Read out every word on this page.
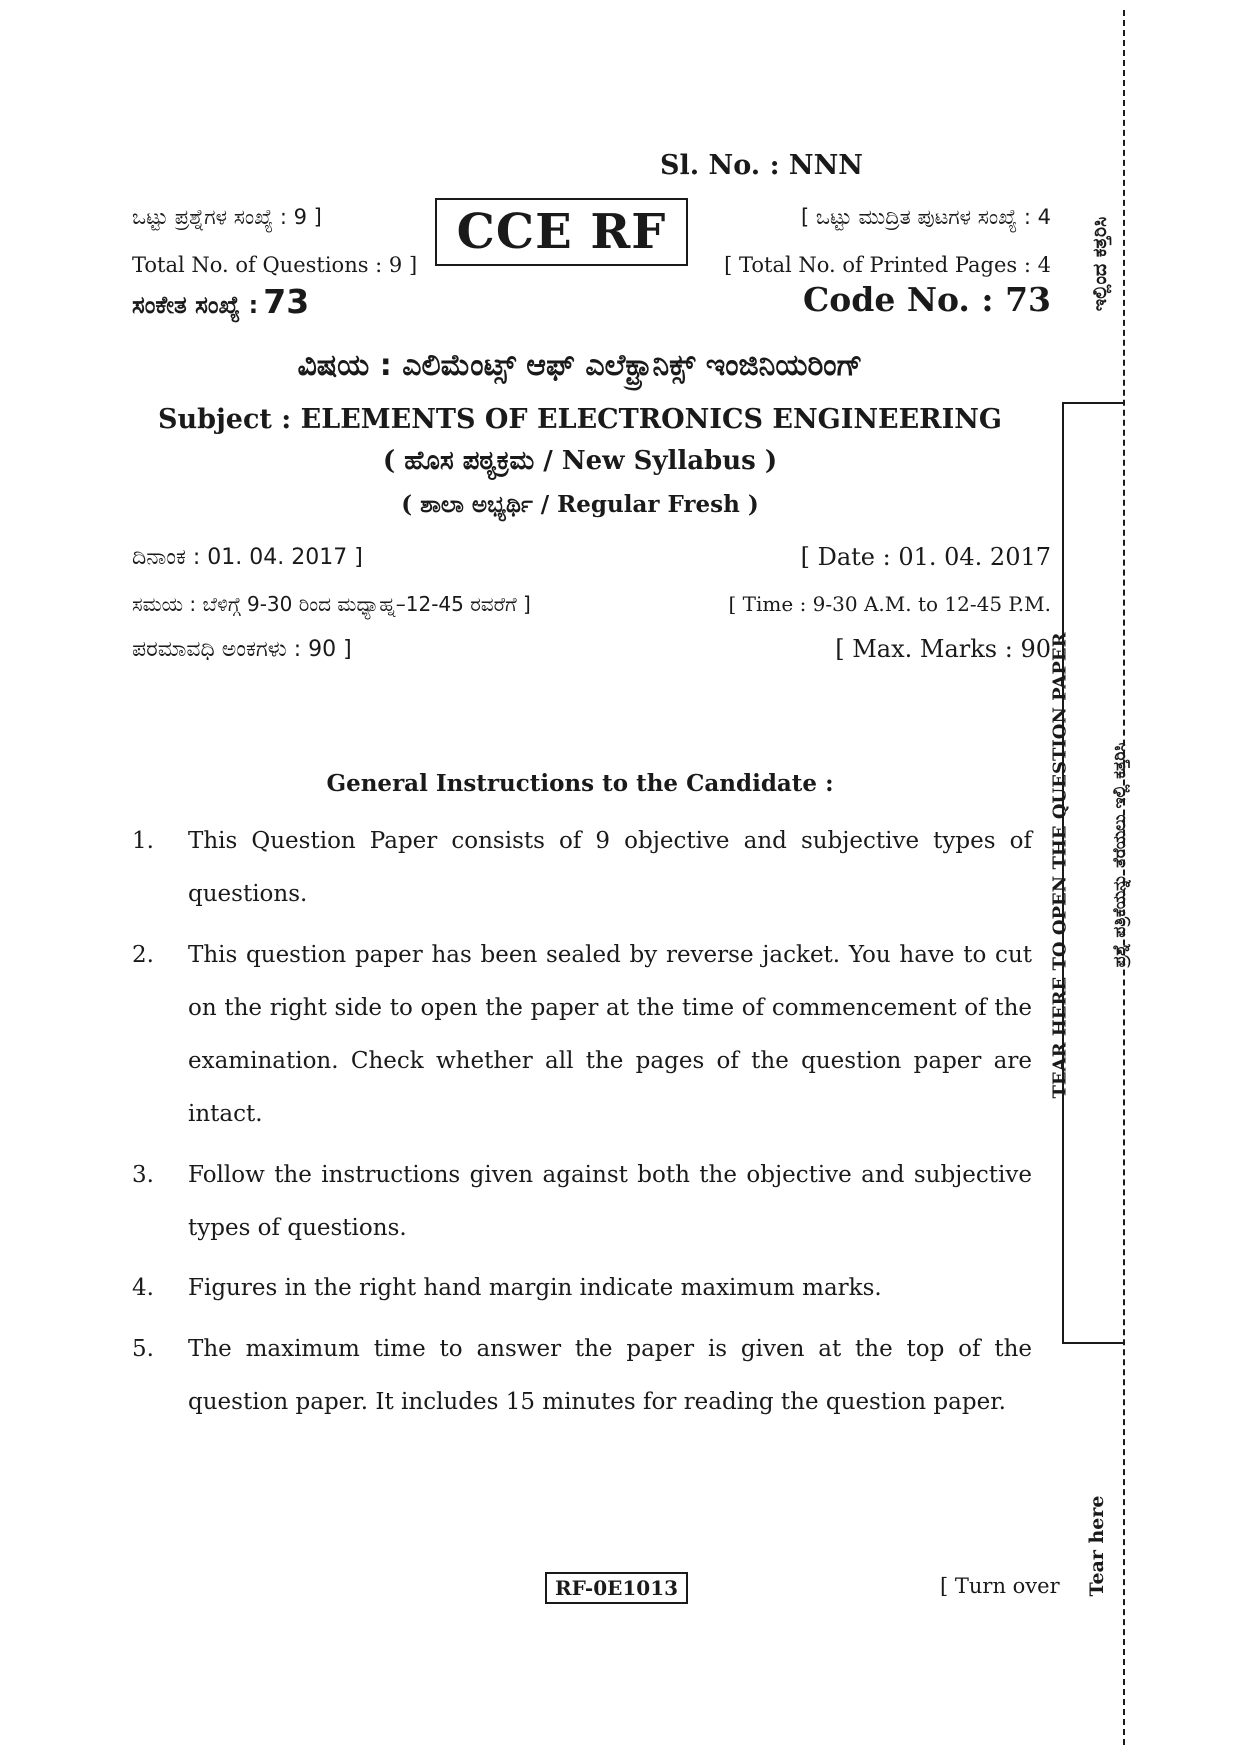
Sl. No. : NNN
ಒಟ್ಟು ಪ್ರಶ್ನೆಗಳ ಸಂಖ್ಯೆ : 9 ]	CCE RF	[ ಒಟ್ಟು ಮುದ್ರಿತ ಪುಟಗಳ ಸಂಖ್ಯೆ : 4
Total No. of Questions : 9 ]	[ Total No. of Printed Pages : 4
ಸಂಕೇತ ಸಂಖ್ಯೆ : 73	Code No. : 73
ವಿಷಯ : ಎಲಿಮೆಂಟ್ಸ್ ಆಫ್ ಎಲೆಕ್ಟ್ರಾನಿಕ್ಸ್ ಇಂಜಿನಿಯರಿಂಗ್
Subject : ELEMENTS OF ELECTRONICS ENGINEERING
( ಹೊಸ ಪಠ್ಯಕ್ರಮ / New Syllabus )
( ಶಾಲಾ ಅಭ್ಯರ್ಥಿ / Regular Fresh )
ದಿನಾಂಕ : 01. 04. 2017 ]	[ Date : 01. 04. 2017
ಸಮಯ : ಬೆಳಿಗ್ಗೆ 9-30 ರಿಂದ ಮಧ್ಯಾಹ್ನ–12-45 ರವರೆಗೆ ]	[ Time : 9-30 A.M. to 12-45 P.M.
ಪರಮಾವಧಿ ಅಂಕಗಳು : 90 ]	[ Max. Marks : 90
General Instructions to the Candidate :
1. This Question Paper consists of 9 objective and subjective types of questions.
2. This question paper has been sealed by reverse jacket. You have to cut on the right side to open the paper at the time of commencement of the examination. Check whether all the pages of the question paper are intact.
3. Follow the instructions given against both the objective and subjective types of questions.
4. Figures in the right hand margin indicate maximum marks.
5. The maximum time to answer the paper is given at the top of the question paper. It includes 15 minutes for reading the question paper.
RF-0E1013	[ Turn over
TEAR HERE TO OPEN THE QUESTION PAPER ಪ್ರಶ್ನೆ ಪತ್ರಿಕೆಯನ್ನು ತೆರೆಯಲು ಇಲ್ಲಿ ಕತ್ತರಿಸಿ
Tear here
ಇಲ್ಲಿಂದ ಕತ್ತರಿಸಿ
